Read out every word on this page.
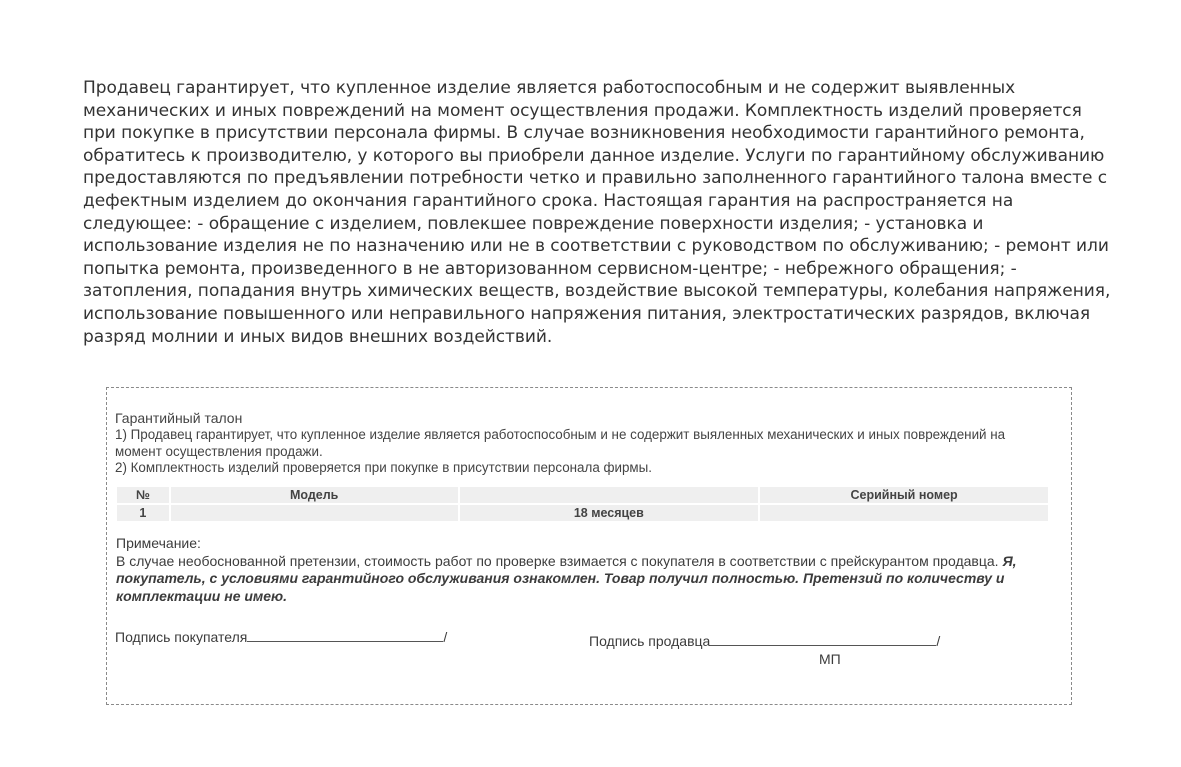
Продавец гарантирует, что купленное изделие является работоспособным и не содержит выявленных механических и иных повреждений на момент осуществления продажи. Комплектность изделий проверяется при покупке в присутствии персонала фирмы. В случае возникновения необходимости гарантийного ремонта, обратитесь к производителю, у которого вы приобрели данное изделие. Услуги по гарантийному обслуживанию предоставляются по предъявлении потребности четко и правильно заполненного гарантийного талона вместе с дефектным изделием до окончания гарантийного срока. Настоящая гарантия на распространяется на следующее: - обращение с изделием, повлекшее повреждение поверхности изделия; - установка и использование изделия не по назначению или не в соответствии с руководством по обслуживанию; - ремонт или попытка ремонта, произведенного в не авторизованном сервисном-центре; - небрежного обращения; - затопления, попадания внутрь химических веществ, воздействие высокой температуры, колебания напряжения, использование повышенного или неправильного напряжения питания, электростатических разрядов, включая разряд молнии и иных видов внешних воздействий.

Гарантийный талон
1) Продавец гарантирует, что купленное изделие является работоспособным и не содержит выяленных механических и иных повреждений на момент осуществления продажи.
2) Комплектность изделий проверяется при покупке в присутствии персонала фирмы.
№	Модель		Серийный номер
1		18 месяцев	
Примечание:
В случае необоснованной претензии, стоимость работ по проверке взимается с покупателя в соответствии с прейскурантом продавца. Я, покупатель, с условиями гарантийного обслуживания ознакомлен. Товар получил полностью. Претензий по количеству и комплектации не имею.
Подпись покупателя	/	Подпись продавца	/
МП
